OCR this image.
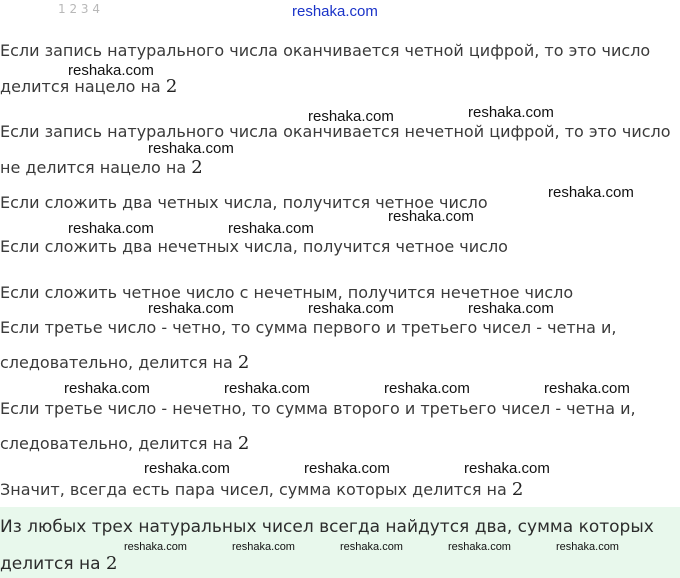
1 2 3 4	reshaka.com
Если запись натурального числа оканчивается четной цифрой, то это число
reshaka.com
делится нацело на 2
reshaka.com	reshaka.com
Если запись натурального числа оканчивается нечетной цифрой, то это число
reshaka.com
не делится нацело на 2
reshaka.com
Если сложить два четных числа, получится четное число
reshaka.com
reshaka.com	reshaka.com
Если сложить два нечетных числа, получится четное число
Если сложить четное число с нечетным, получится нечетное число
reshaka.com	reshaka.com	reshaka.com
Если третье число - четно, то сумма первого и третьего чисел - четна и,
следовательно, делится на 2
reshaka.com	reshaka.com	reshaka.com	reshaka.com
Если третье число - нечетно, то сумма второго и третьего чисел - четна и,
следовательно, делится на 2
reshaka.com	reshaka.com	reshaka.com
Значит, всегда есть пара чисел, сумма которых делится на 2
Из любых трех натуральных чисел всегда найдутся два, сумма которых
reshaka.com	reshaka.com	reshaka.com	reshaka.com	reshaka.com
делится на 2
